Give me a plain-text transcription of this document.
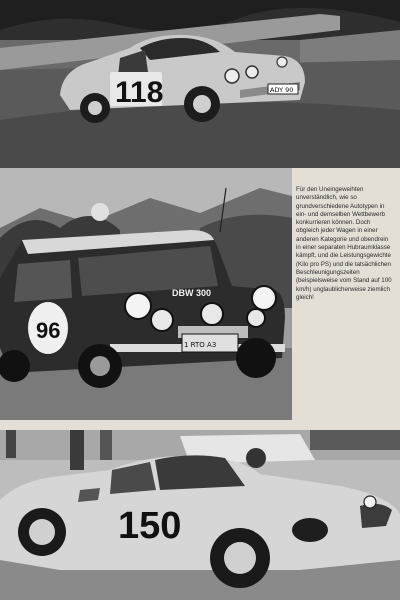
118	ADY 90
96
DBW 300
1 RTO A3

Für den Uneingeweihten unverständlich, wie so grundverschiedene Autotypen in ein- und demselben Wettbewerb konkurrieren können. Doch obgleich jeder Wagen in einer anderen Kategorie und obendrein in einer separaten Hubraumklasse kämpft, und die Leistungsgewichte (Kilo pro PS) und die tatsächlichen Beschleunigungszeiten (beispielsweise vom Stand auf 100 km/h) unglaublicherweise ziemlich gleich!

150
